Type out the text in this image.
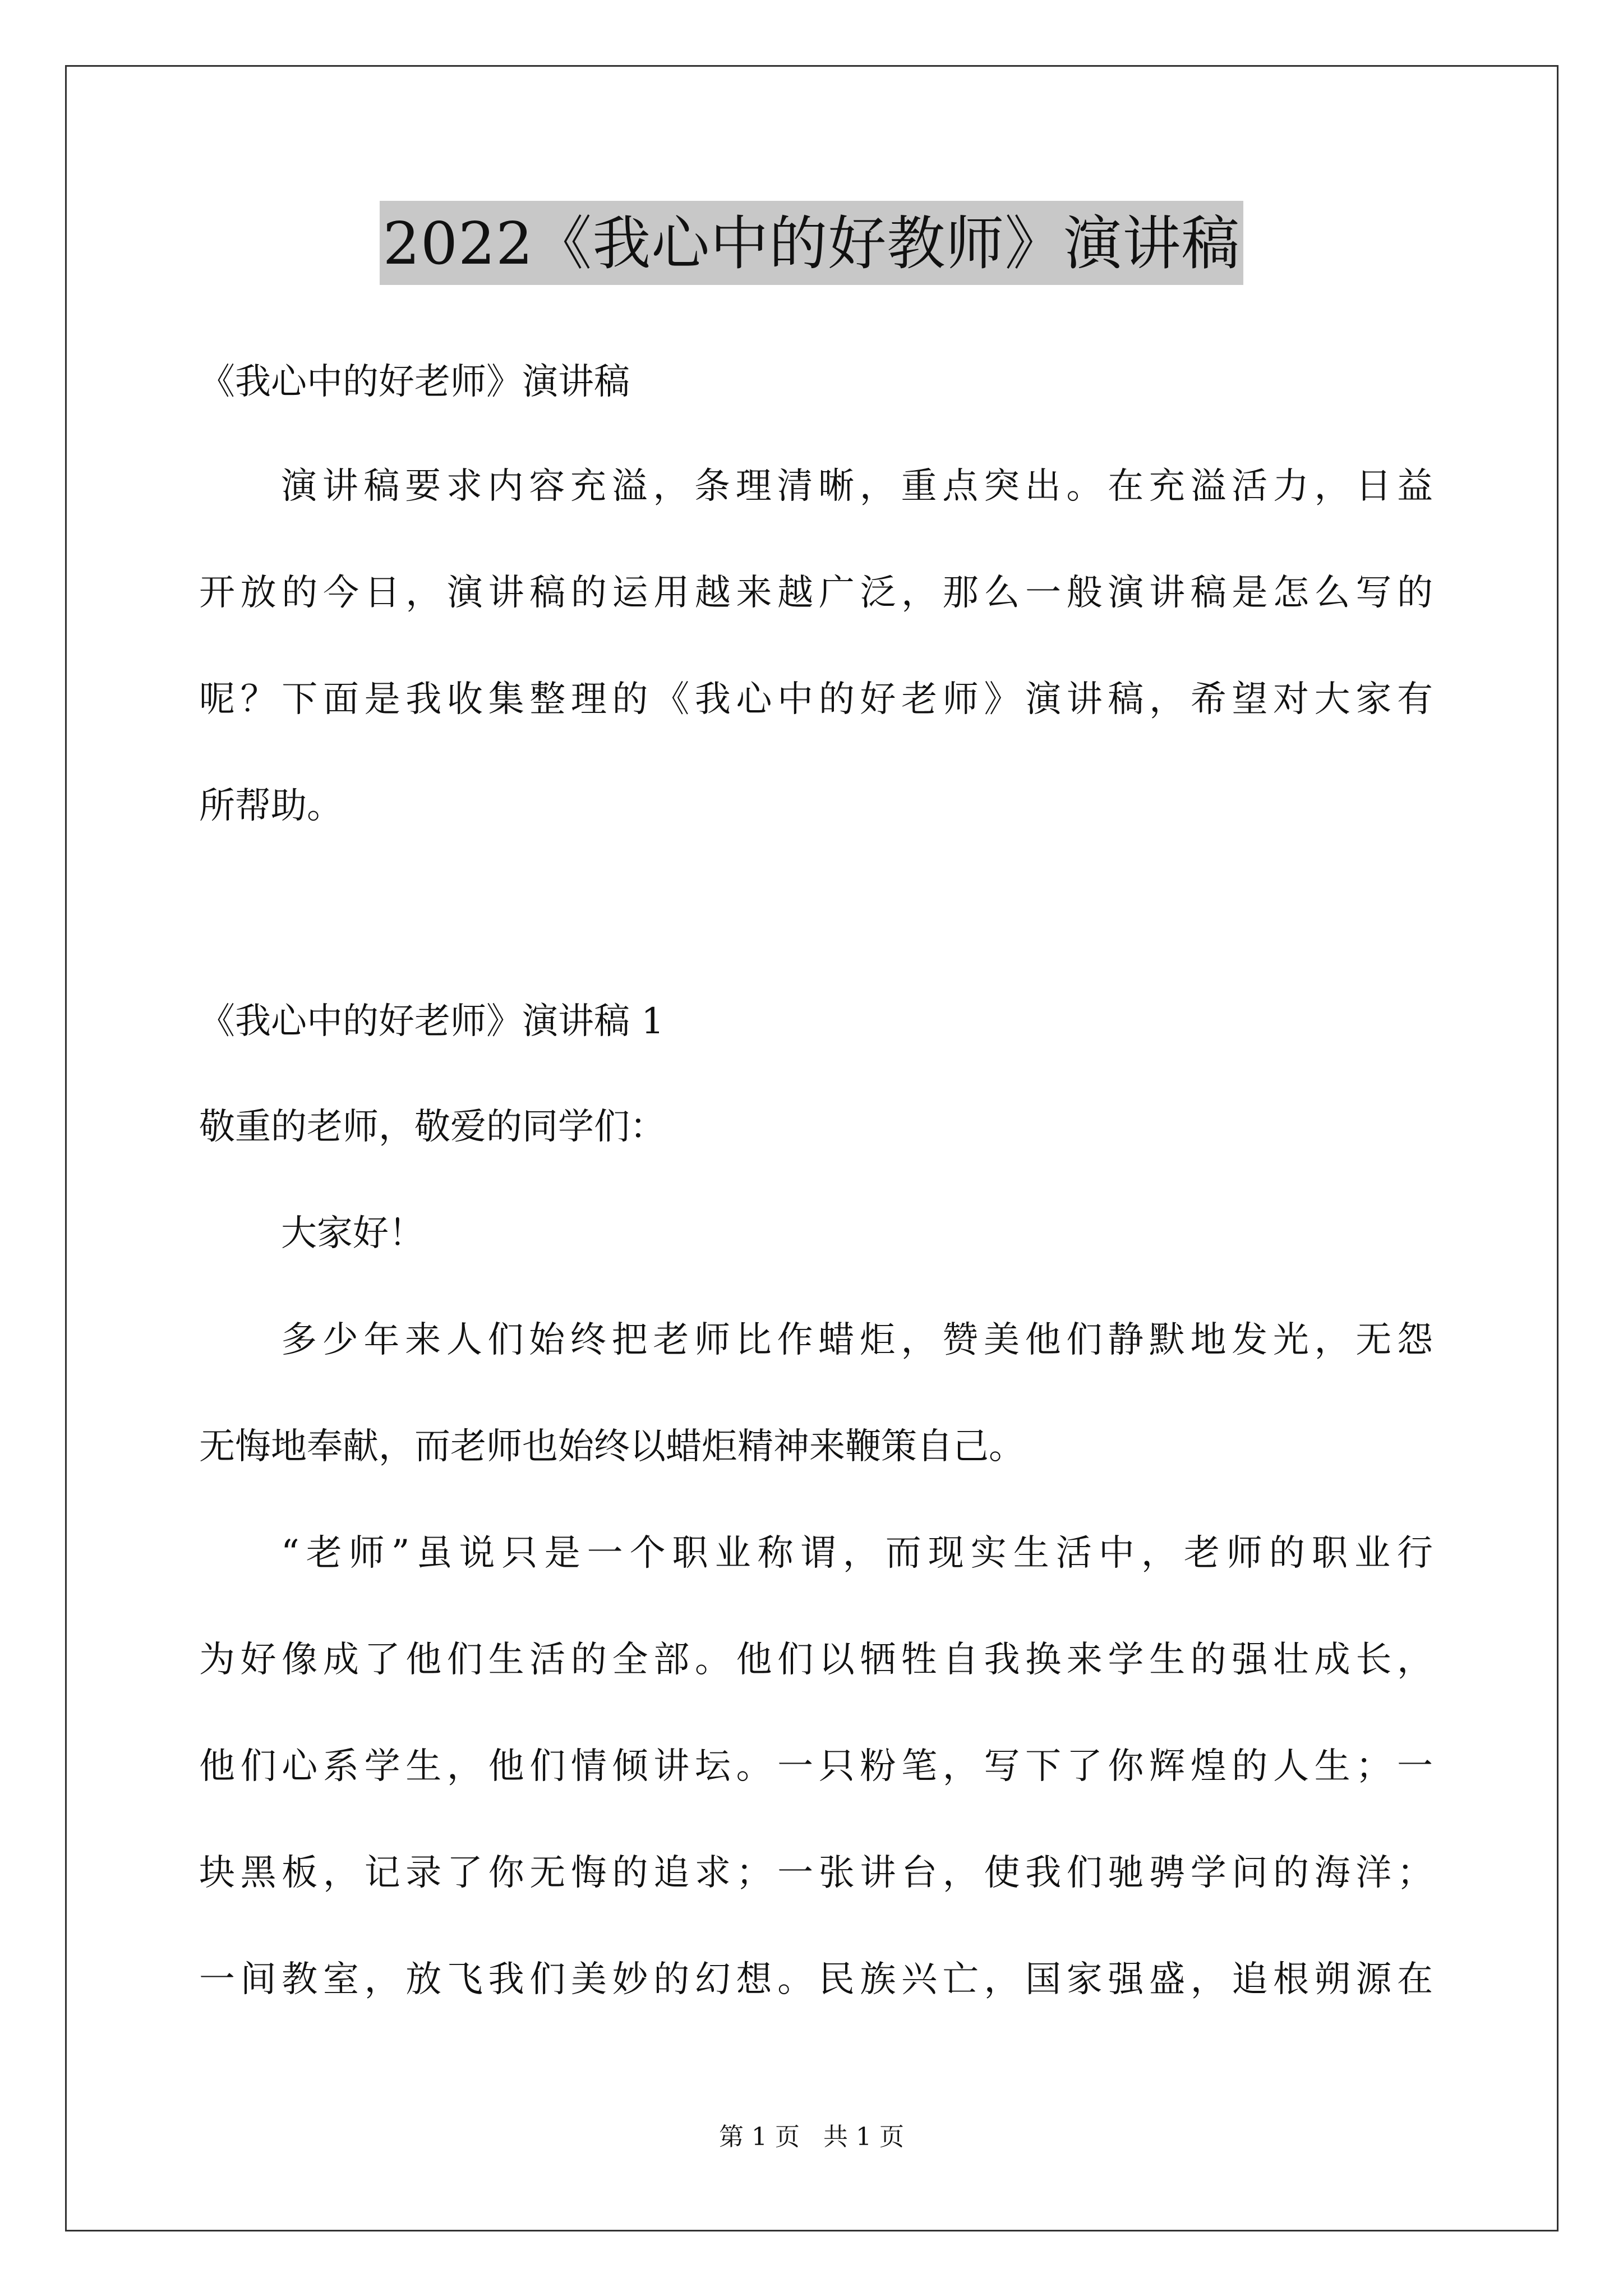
2022《我心中的好教师》演讲稿
《我心中的好老师》演讲稿
演讲稿要求内容充溢，条理清晰，重点突出。在充溢活力，日益
开放的今日，演讲稿的运用越来越广泛，那么一般演讲稿是怎么写的
呢？下面是我收集整理的《我心中的好老师》演讲稿，希望对大家有
所帮助。
《我心中的好老师》演讲稿 1
敬重的老师，敬爱的同学们：
大家好！
多少年来人们始终把老师比作蜡炬，赞美他们静默地发光，无怨
无悔地奉献，而老师也始终以蜡炬精神来鞭策自己。
“老师”虽说只是一个职业称谓，而现实生活中，老师的职业行
为好像成了他们生活的全部。他们以牺牲自我换来学生的强壮成长，
他们心系学生，他们情倾讲坛。一只粉笔，写下了你辉煌的人生；一
块黑板，记录了你无悔的追求；一张讲台，使我们驰骋学问的海洋；
一间教室，放飞我们美妙的幻想。民族兴亡，国家强盛，追根朔源在
第 1 页   共 1 页
